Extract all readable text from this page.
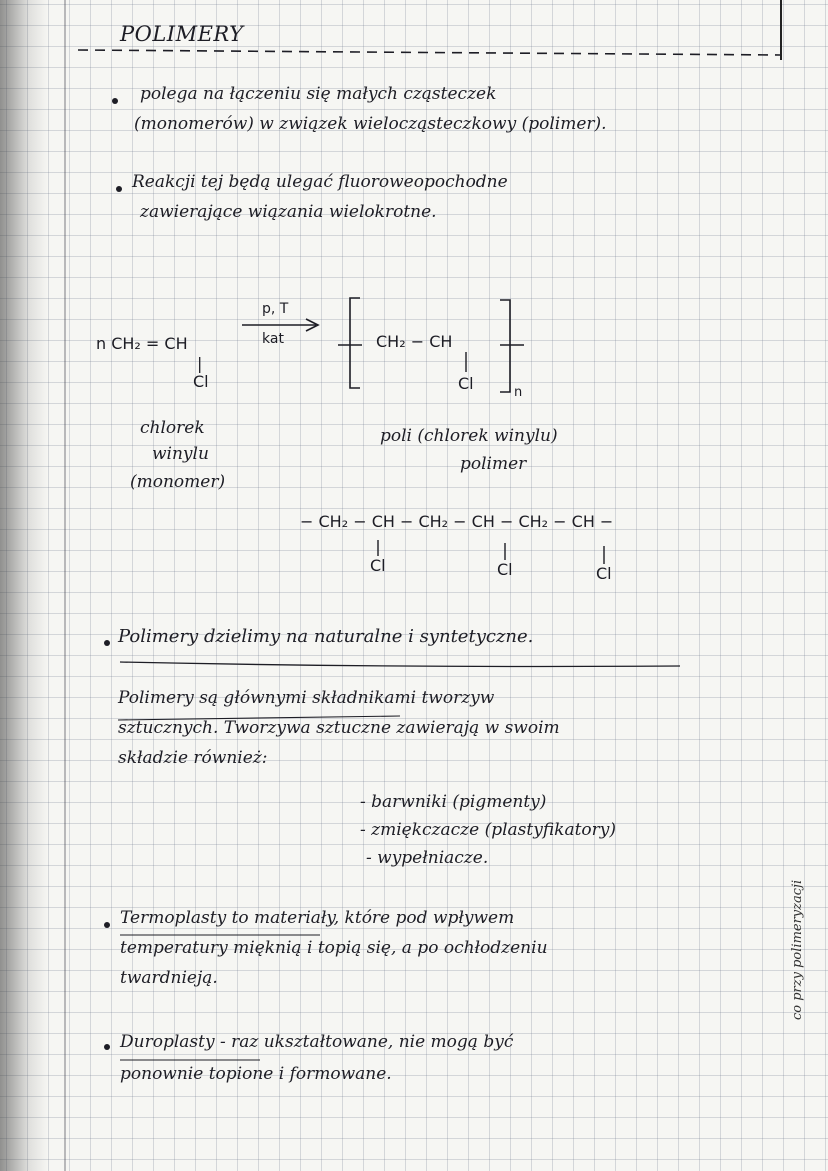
POLIMERY
polega na łączeniu się małych cząsteczek
(monomerów) w związek wielocząsteczkowy (polimer).
Reakcji tej będą ulegać fluoroweopochodne
zawierające wiązania wielokrotne.
n CH₂ = CH
|
Cl
p, T
kat	CH₂ − CH
Cl	n
chlorek
winylu
(monomer)
poli (chlorek winylu)
polimer
− CH₂ − CH − CH₂ − CH − CH₂ − CH −
Cl	Cl	Cl
Polimery dzielimy na naturalne i syntetyczne.
Polimery są głównymi składnikami tworzyw
sztucznych. Tworzywa sztuczne zawierają w swoim
składzie również:
- barwniki (pigmenty)
- zmiękczacze (plastyfikatory)
- wypełniacze.
Termoplasty to materiały, które pod wpływem
temperatury mięknią i topią się, a po ochłodzeniu
twardnieją.
Duroplasty - raz ukształtowane, nie mogą być
ponownie topione i formowane.
co przy polimeryzacji
